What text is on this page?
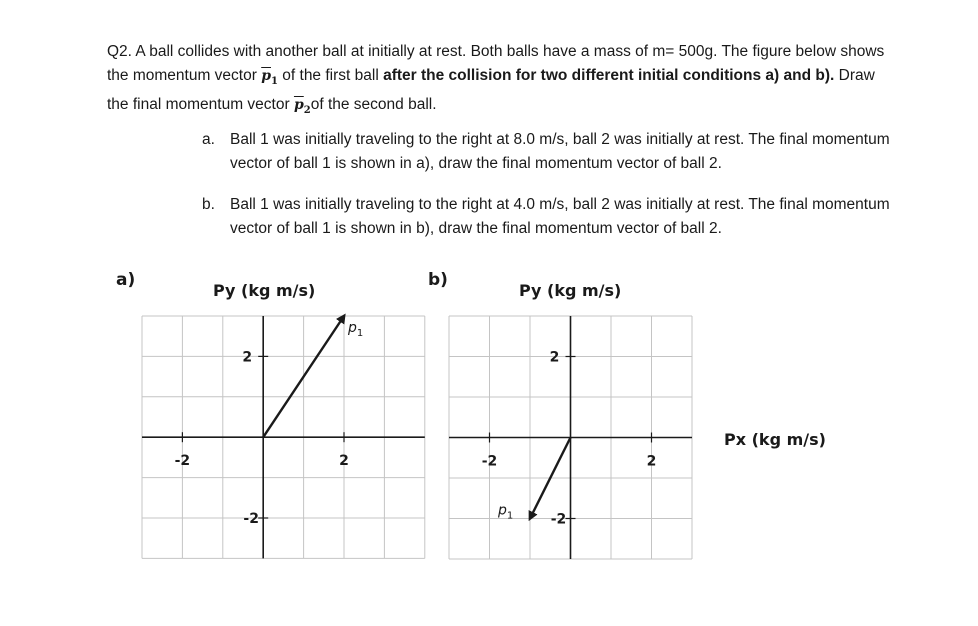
Q2. A ball collides with another ball at initially at rest. Both balls have a mass of m= 500g. The figure below shows the momentum vector $\overline{p}_1$ of the first ball after the collision for two different initial conditions a) and b). Draw the final momentum vector $\overline{p}_2of$ the second ball.
a. Ball 1 was initially traveling to the right at 8.0 m/s, ball 2 was initially at rest. The final momentum vector of ball 1 is shown in a), draw the final momentum vector of ball 2.
b. Ball 1 was initially traveling to the right at 4.0 m/s, ball 2 was initially at rest. The final momentum vector of ball 1 is shown in b), draw the final momentum vector of ball 2.
a)
Py (kg m/s)
b)
Py (kg m/s)
Px (kg m/s)
$p_1$
-2	2
2
-2
$p_1$
-2	2
2
-2
